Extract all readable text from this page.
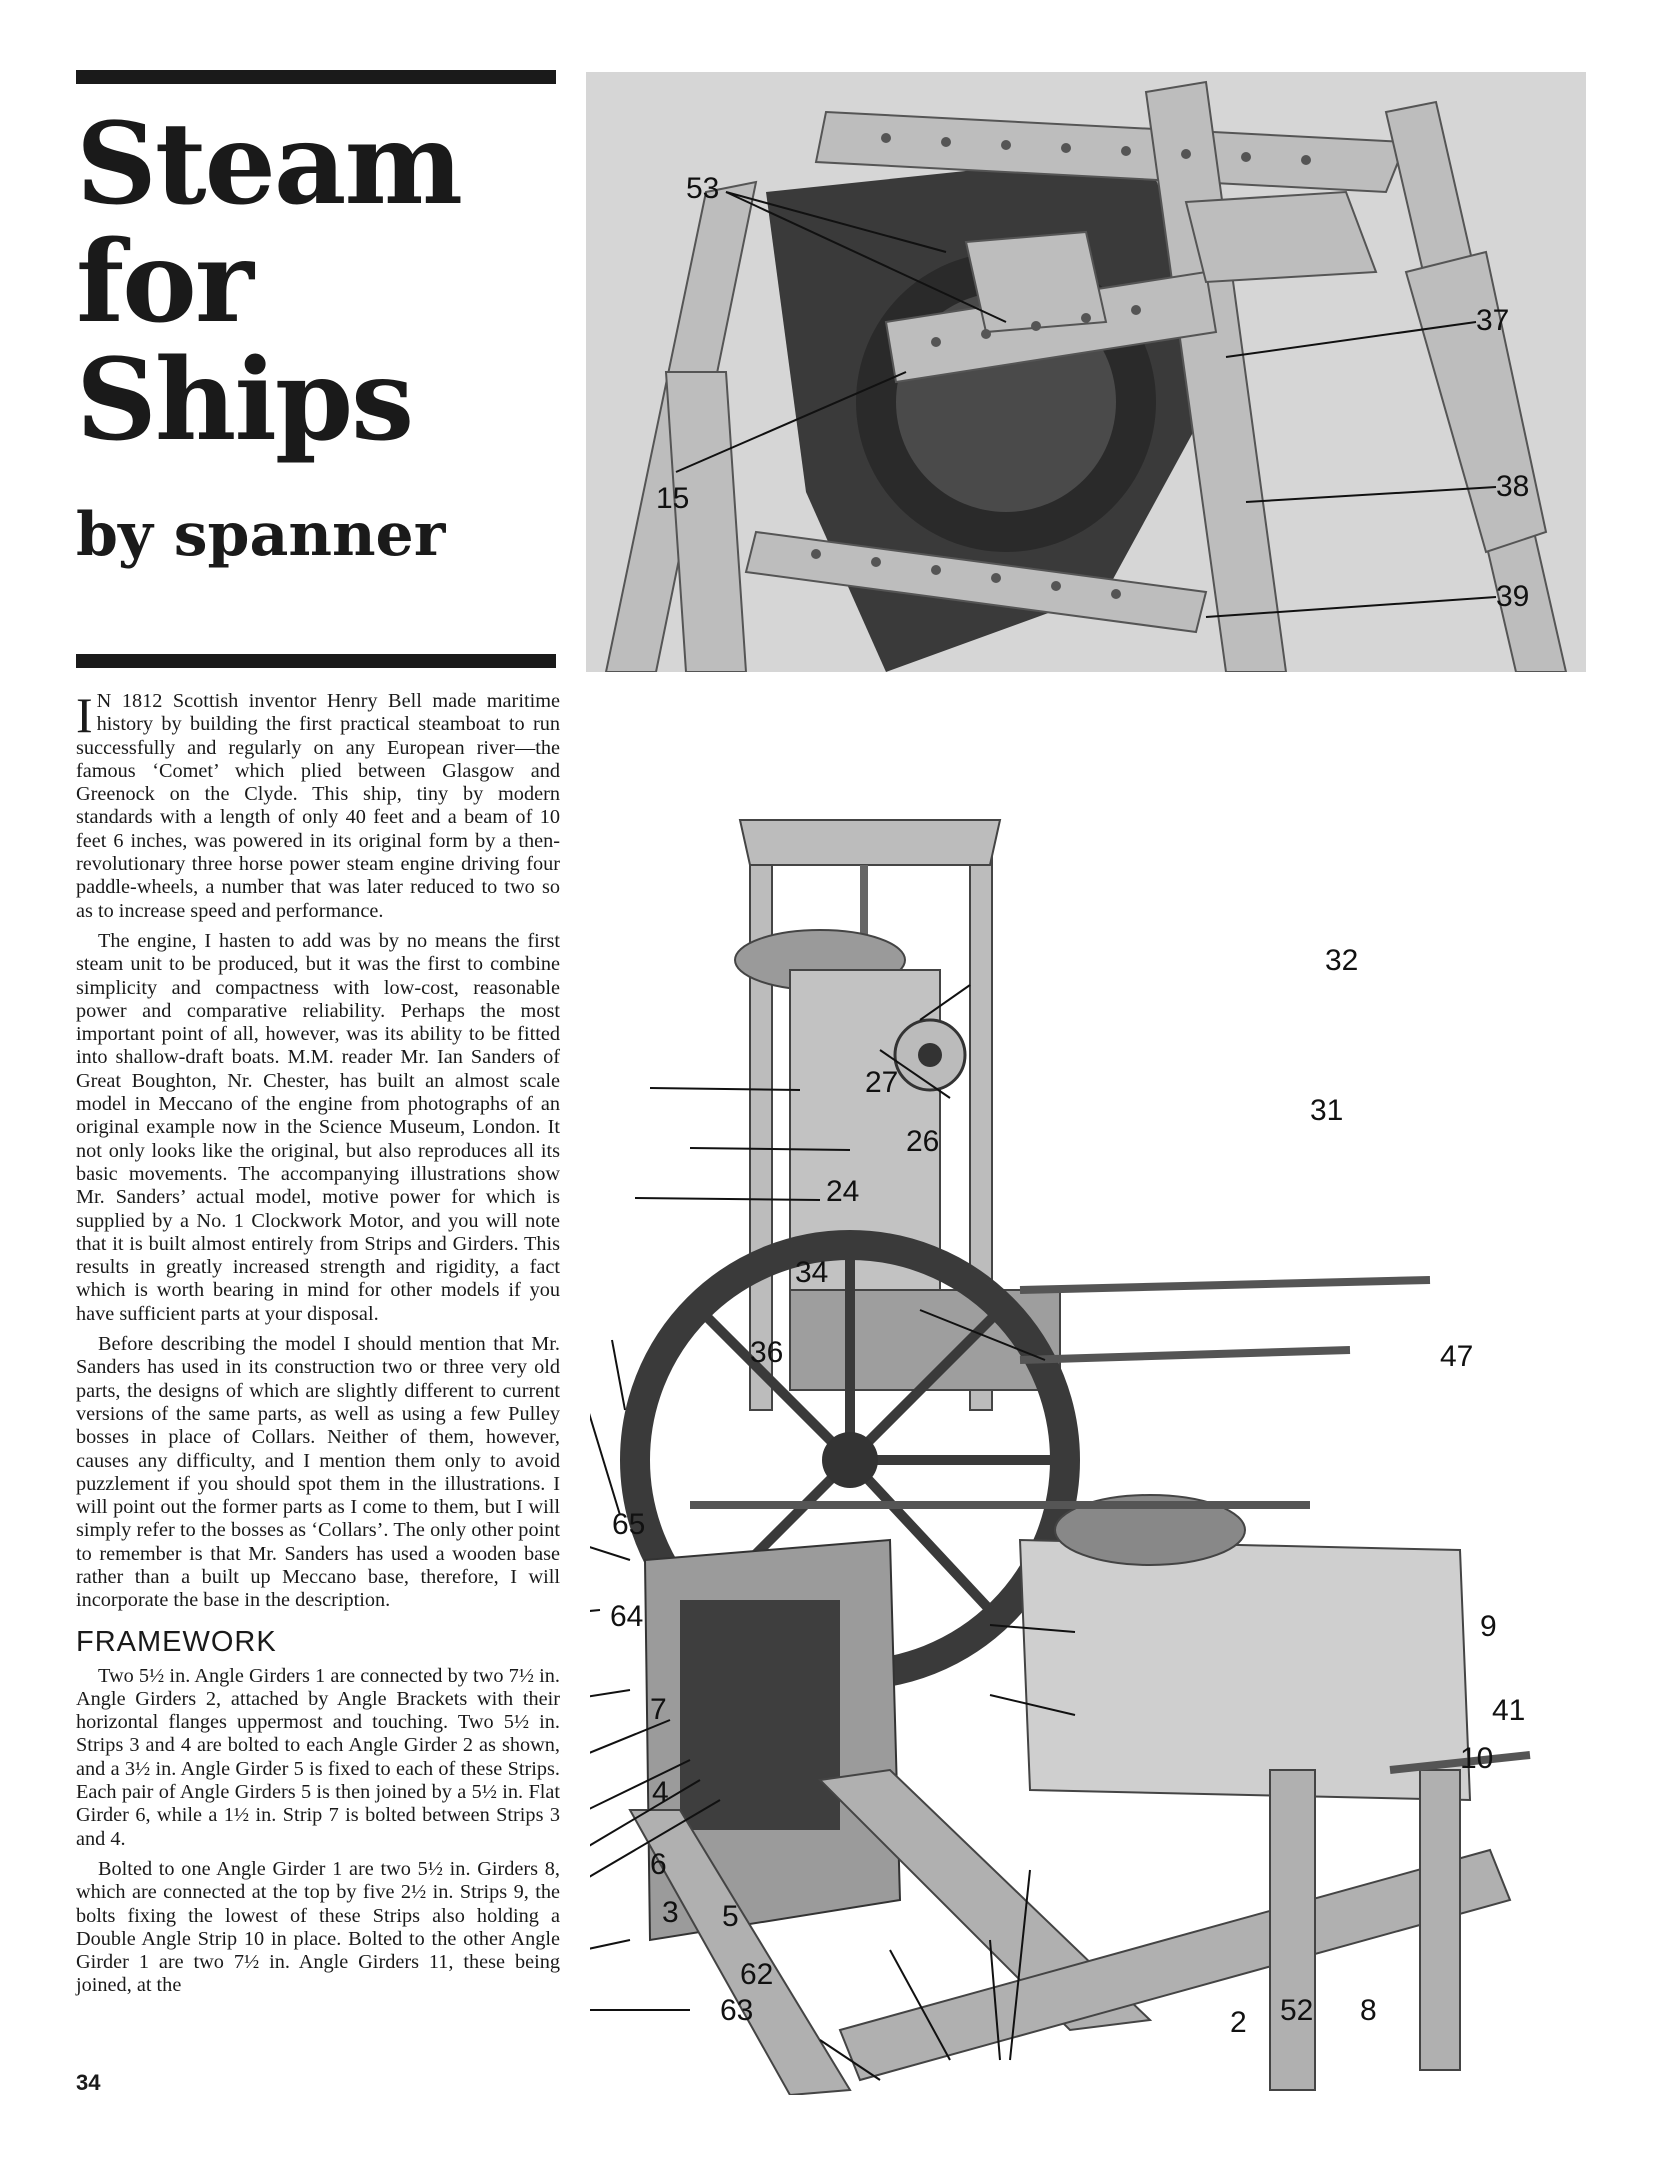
Steam
for
Ships
by spanner

I N 1812 Scottish inventor Henry Bell made maritime history by building the first practical steamboat to run successfully and regularly on any European river—the famous ‘Comet’ which plied between Glasgow and Greenock on the Clyde. This ship, tiny by modern standards with a length of only 40 feet and a beam of 10 feet 6 inches, was powered in its original form by a then-revolutionary three horse power steam engine driving four paddle-wheels, a number that was later reduced to two so as to increase speed and performance.

The engine, I hasten to add was by no means the first steam unit to be produced, but it was the first to combine simplicity and compactness with low-cost, reasonable power and comparative reliability. Perhaps the most important point of all, however, was its ability to be fitted into shallow-draft boats. M.M. reader Mr. Ian Sanders of Great Boughton, Nr. Chester, has built an almost scale model in Meccano of the engine from photographs of an original example now in the Science Museum, London. It not only looks like the original, but also reproduces all its basic movements. The accompanying illustrations show Mr. Sanders’ actual model, motive power for which is supplied by a No. 1 Clockwork Motor, and you will note that it is built almost entirely from Strips and Girders. This results in greatly increased strength and rigidity, a fact which is worth bearing in mind for other models if you have sufficient parts at your disposal.

Before describing the model I should mention that Mr. Sanders has used in its construction two or three very old parts, the designs of which are slightly different to current versions of the same parts, as well as using a few Pulley bosses in place of Collars. Neither of them, however, causes any difficulty, and I mention them only to avoid puzzlement if you should spot them in the illustrations. I will point out the former parts as I come to them, but I will simply refer to the bosses as ‘Collars’. The only other point to remember is that Mr. Sanders has used a wooden base rather than a built up Meccano base, therefore, I will incorporate the base in the description.

FRAMEWORK

Two 5½ in. Angle Girders 1 are connected by two 7½ in. Angle Girders 2, attached by Angle Brackets with their horizontal flanges uppermost and touching. Two 5½ in. Strips 3 and 4 are bolted to each Angle Girder 2 as shown, and a 3½ in. Angle Girder 5 is fixed to each of these Strips. Each pair of Angle Girders 5 is then joined by a 5½ in. Flat Girder 6, while a 1½ in. Strip 7 is bolted between Strips 3 and 4.

Bolted to one Angle Girder 1 are two 5½ in. Girders 8, which are connected at the top by five 2½ in. Strips 9, the bolts fixing the lowest of these Strips also holding a Double Angle Strip 10 in place. Bolted to the other Angle Girder 1 are two 7½ in. Angle Girders 11, these being joined, at the

34
53
37
38
39
15
32
31
27
26
24
34
36	47
65
64	9
41
10
7
4
6
3 5
62
63	2 52 8
